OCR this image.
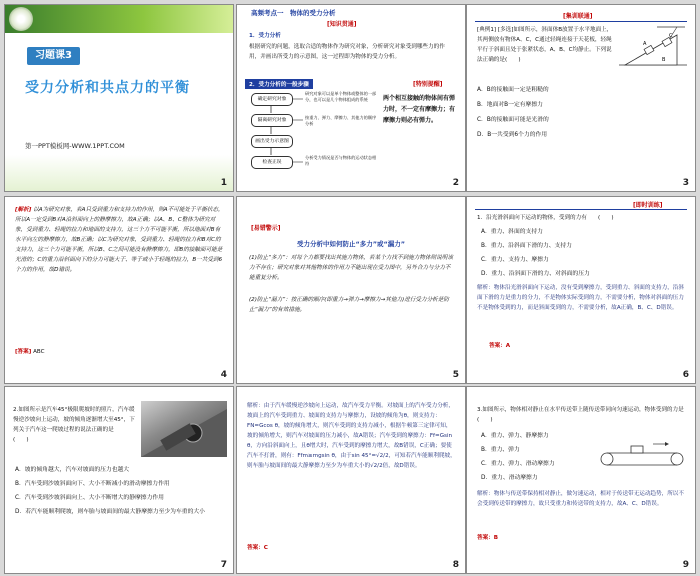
习题课3
受力分析和共点力的平衡
第一PPT模板网-WWW.1PPT.COM
1
高频考点一　物体的受力分析
[知识贯通]
1．受力分析
根据研究的问题，选取合适的物体作为研究对象，分析研究对象受到哪些力的作用，并画出所受力的示意图，这一过程即为物体的受力分析。
2．受力分析的一般步骤	[特别提醒]
确定研究对象
隔离研究对象
画出受力示意图
检查正误
研究对象可以是单个物体或整体的一部分，也可以是几个物体组成的系统
按重力、弹力、摩擦力、其他力的顺序分析
分析受力情况是否与物体的运动状态相符
两个相互接触的物体间有弹力时，不一定有摩擦力；有摩擦力则必有弹力。
2
[集训联通]
[典例1] [多选]如图所示，斜面体B放置于水平地面上，其两侧放有物体A、C，C通过轻绳连接于天花板，轻绳平行于斜面且处于张紧状态，A、B、C均静止。下列说法正确的是(　　)	B
A
C
A．B的接触面一定是粗糙的
B．地面对B一定有摩擦力
C．B的接触面可能是光滑的
D．B一共受到6个力的作用
3
[解析] 以A为研究对象，若A只受到重力和支持力的作用，则A不可能处于平衡状态，所以A一定受到B对A沿斜面向上的静摩擦力，故A正确；以A、B、C整体为研究对象，受到重力、轻绳的拉力和地面的支持力，这三个力不可能平衡，所以地面对B有水平向左的静摩擦力，故B正确；以C为研究对象，受到重力、轻绳的拉力和B对C的支持力，这三个力可能平衡，所以B、C之间可能没有静摩擦力，即B的接触面可能是光滑的；C的重力沿斜面向下的分力可能大于、等于或小于轻绳的拉力，B一共受到6个力的作用，故D错误。
[答案] ABC
4
[易错警示]
受力分析中如何防止“多力”或“漏力”
(1)防止“多力”：对每个力都要找出其施力物体，若某个力找不到施力物体则说明该力不存在；研究对象对其他物体的作用力不能出现在受力图中，另外合力与分力不能重复分析。
(2)防止“漏力”：按正确的顺序(即重力→弹力→摩擦力→其他力)进行受力分析是防止“漏力”的有效措施。
5
[即时训练]
1．沿光滑斜面向下运动的物体，受到的力有　　(　　)
A．重力、斜面的支持力
B．重力、沿斜面下滑的力、支持力
C．重力、支持力、摩擦力
D．重力、沿斜面下滑的力、对斜面的压力
解析：物体沿光滑斜面向下运动，没有受到摩擦力，受到重力、斜面的支持力，沿斜面下滑的力是重力的分力，不是物体实际受到的力，不需要分析，物体对斜面的压力不是物体受到的力，而是斜面受到的力，不需要分析，故A正确，B、C、D错误。
答案：A
6
2.如图所示是汽车45°极限爬坡时的照片，汽车缓慢逆沙坡向上运动，坡的倾角逐渐增大至45°，下列关于汽车这一爬坡过程的说法正确的是　　(　　)
A．坡的倾角越大，汽车对坡面的压力也越大
B．汽车受到沙坡斜面向下、大小不断减小的滑动摩擦力作用
C．汽车受到沙坡斜面向上、大小不断增大的静摩擦力作用
D．若汽车能顺利爬坡，则车胎与坡面间的最大静摩擦力至少为车重的大小
7
解析：由于汽车缓慢逆沙坡向上运动，故汽车受力平衡。对坡面上的汽车受力分析，坡面上的汽车受到重力、坡面的支持力与摩擦力，设坡的倾角为θ，则支持力：FN=Gcos θ，坡的倾角增大，则汽车受到的支持力减小，根据牛顿第三定律可知，坡的倾角增大，则汽车对坡面的压力减小，故A错误；汽车受到的摩擦力：Ff=Gsin θ，方向沿斜面向上，且θ增大时，汽车受到的摩擦力增大，故B错误，C正确；要使汽车不打滑，则有：Ffm≥mgsin θ，由于sin 45°=√2/2，可知若汽车能顺利爬坡，则车胎与坡面间的最大静摩擦力至少为车重大小的√2/2倍，故D错误。
答案：C
8
3.如图所示，物体相对静止在水平传送带上随传送带同向匀速运动，物体受到的力是　　(　　)
A．重力、弹力、静摩擦力
B．重力、弹力
C．重力、弹力、滑动摩擦力
D．重力、滑动摩擦力
解析：物体与传送带保持相对静止，做匀速运动，相对于传送带无运动趋势，所以不会受到传送带的摩擦力，故只受重力和传送带的支持力，故A、C、D错误。
答案：B
9
